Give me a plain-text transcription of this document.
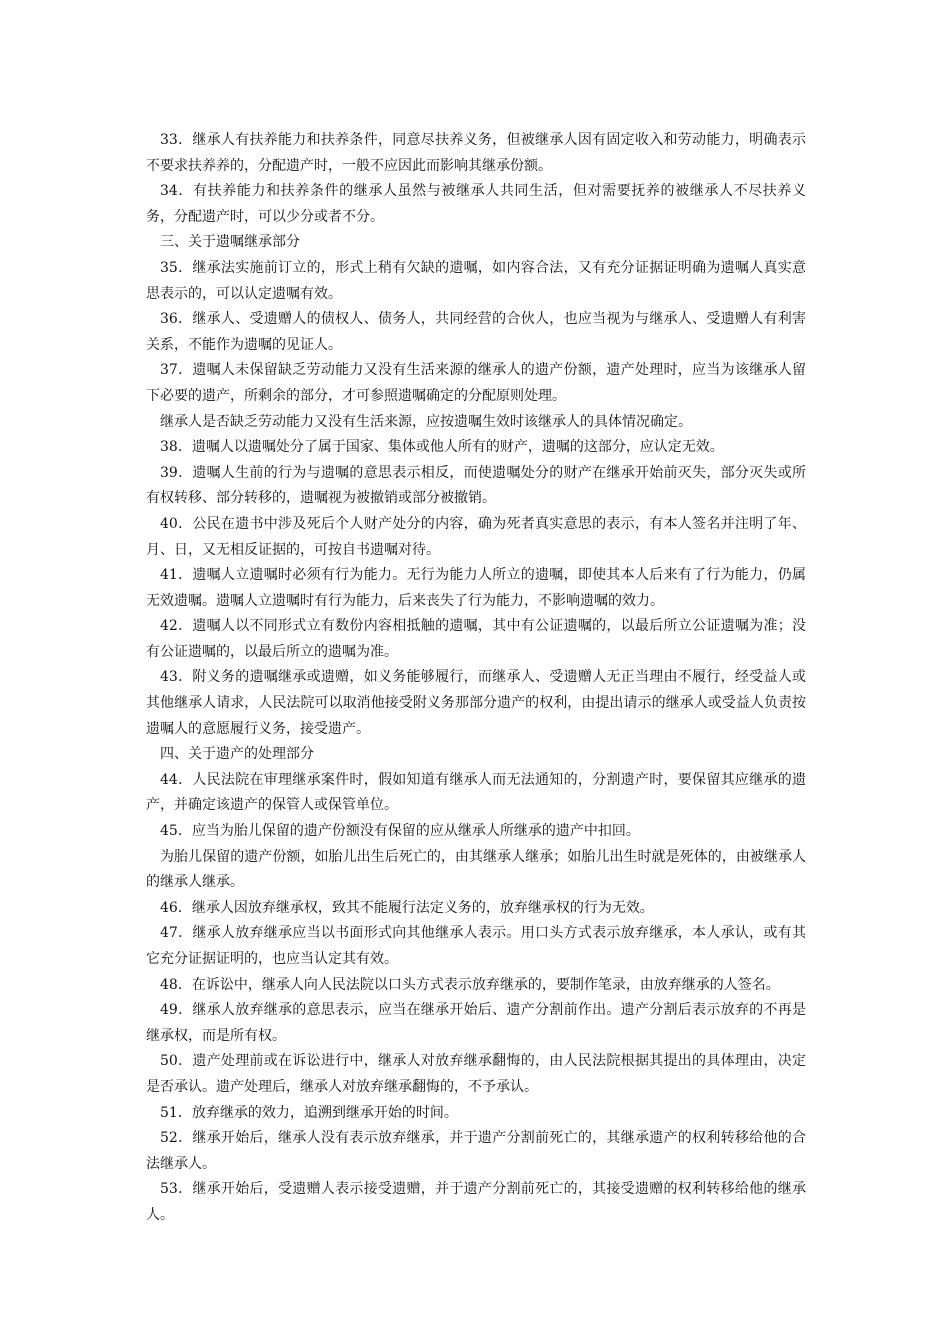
33．继承人有扶养能力和扶养条件，同意尽扶养义务，但被继承人因有固定收入和劳动能力，明确表示不要求扶养养的，分配遗产时，一般不应因此而影响其继承份额。

34．有扶养能力和扶养条件的继承人虽然与被继承人共同生活，但对需要抚养的被继承人不尽扶养义务，分配遗产时，可以少分或者不分。

三、关于遗嘱继承部分

35．继承法实施前订立的，形式上稍有欠缺的遗嘱，如内容合法，又有充分证据证明确为遗嘱人真实意思表示的，可以认定遗嘱有效。

36．继承人、受遗赠人的债权人、债务人，共同经营的合伙人，也应当视为与继承人、受遗赠人有利害关系，不能作为遗嘱的见证人。

37．遗嘱人未保留缺乏劳动能力又没有生活来源的继承人的遗产份额，遗产处理时，应当为该继承人留下必要的遗产，所剩余的部分，才可参照遗嘱确定的分配原则处理。

继承人是否缺乏劳动能力又没有生活来源，应按遗嘱生效时该继承人的具体情况确定。

38．遗嘱人以遗嘱处分了属于国家、集体或他人所有的财产，遗嘱的这部分，应认定无效。

39．遗嘱人生前的行为与遗嘱的意思表示相反，而使遗嘱处分的财产在继承开始前灭失，部分灭失或所有权转移、部分转移的，遗嘱视为被撤销或部分被撤销。

40．公民在遗书中涉及死后个人财产处分的内容，确为死者真实意思的表示，有本人签名并注明了年、月、日，又无相反证据的，可按自书遗嘱对待。

41．遗嘱人立遗嘱时必须有行为能力。无行为能力人所立的遗嘱，即使其本人后来有了行为能力，仍属无效遗嘱。遗嘱人立遗嘱时有行为能力，后来丧失了行为能力，不影响遗嘱的效力。

42．遗嘱人以不同形式立有数份内容相抵触的遗嘱，其中有公证遗嘱的，以最后所立公证遗嘱为准；没有公证遗嘱的，以最后所立的遗嘱为准。

43．附义务的遗嘱继承或遗赠，如义务能够履行，而继承人、受遗赠人无正当理由不履行，经受益人或其他继承人请求，人民法院可以取消他接受附义务那部分遗产的权利，由提出请示的继承人或受益人负责按遗嘱人的意愿履行义务，接受遗产。

四、关于遗产的处理部分

44．人民法院在审理继承案件时，假如知道有继承人而无法通知的，分割遗产时，要保留其应继承的遗产，并确定该遗产的保管人或保管单位。

45．应当为胎儿保留的遗产份额没有保留的应从继承人所继承的遗产中扣回。

为胎儿保留的遗产份额，如胎儿出生后死亡的，由其继承人继承；如胎儿出生时就是死体的，由被继承人的继承人继承。

46．继承人因放弃继承权，致其不能履行法定义务的，放弃继承权的行为无效。

47．继承人放弃继承应当以书面形式向其他继承人表示。用口头方式表示放弃继承，本人承认，或有其它充分证据证明的，也应当认定其有效。

48．在诉讼中，继承人向人民法院以口头方式表示放弃继承的，要制作笔录，由放弃继承的人签名。

49．继承人放弃继承的意思表示，应当在继承开始后、遗产分割前作出。遗产分割后表示放弃的不再是继承权，而是所有权。

50．遗产处理前或在诉讼进行中，继承人对放弃继承翻悔的，由人民法院根据其提出的具体理由，决定是否承认。遗产处理后，继承人对放弃继承翻悔的，不予承认。

51．放弃继承的效力，追溯到继承开始的时间。

52．继承开始后，继承人没有表示放弃继承，并于遗产分割前死亡的，其继承遗产的权利转移给他的合法继承人。

53．继承开始后，受遗赠人表示接受遗赠，并于遗产分割前死亡的，其接受遗赠的权利转移给他的继承人。
